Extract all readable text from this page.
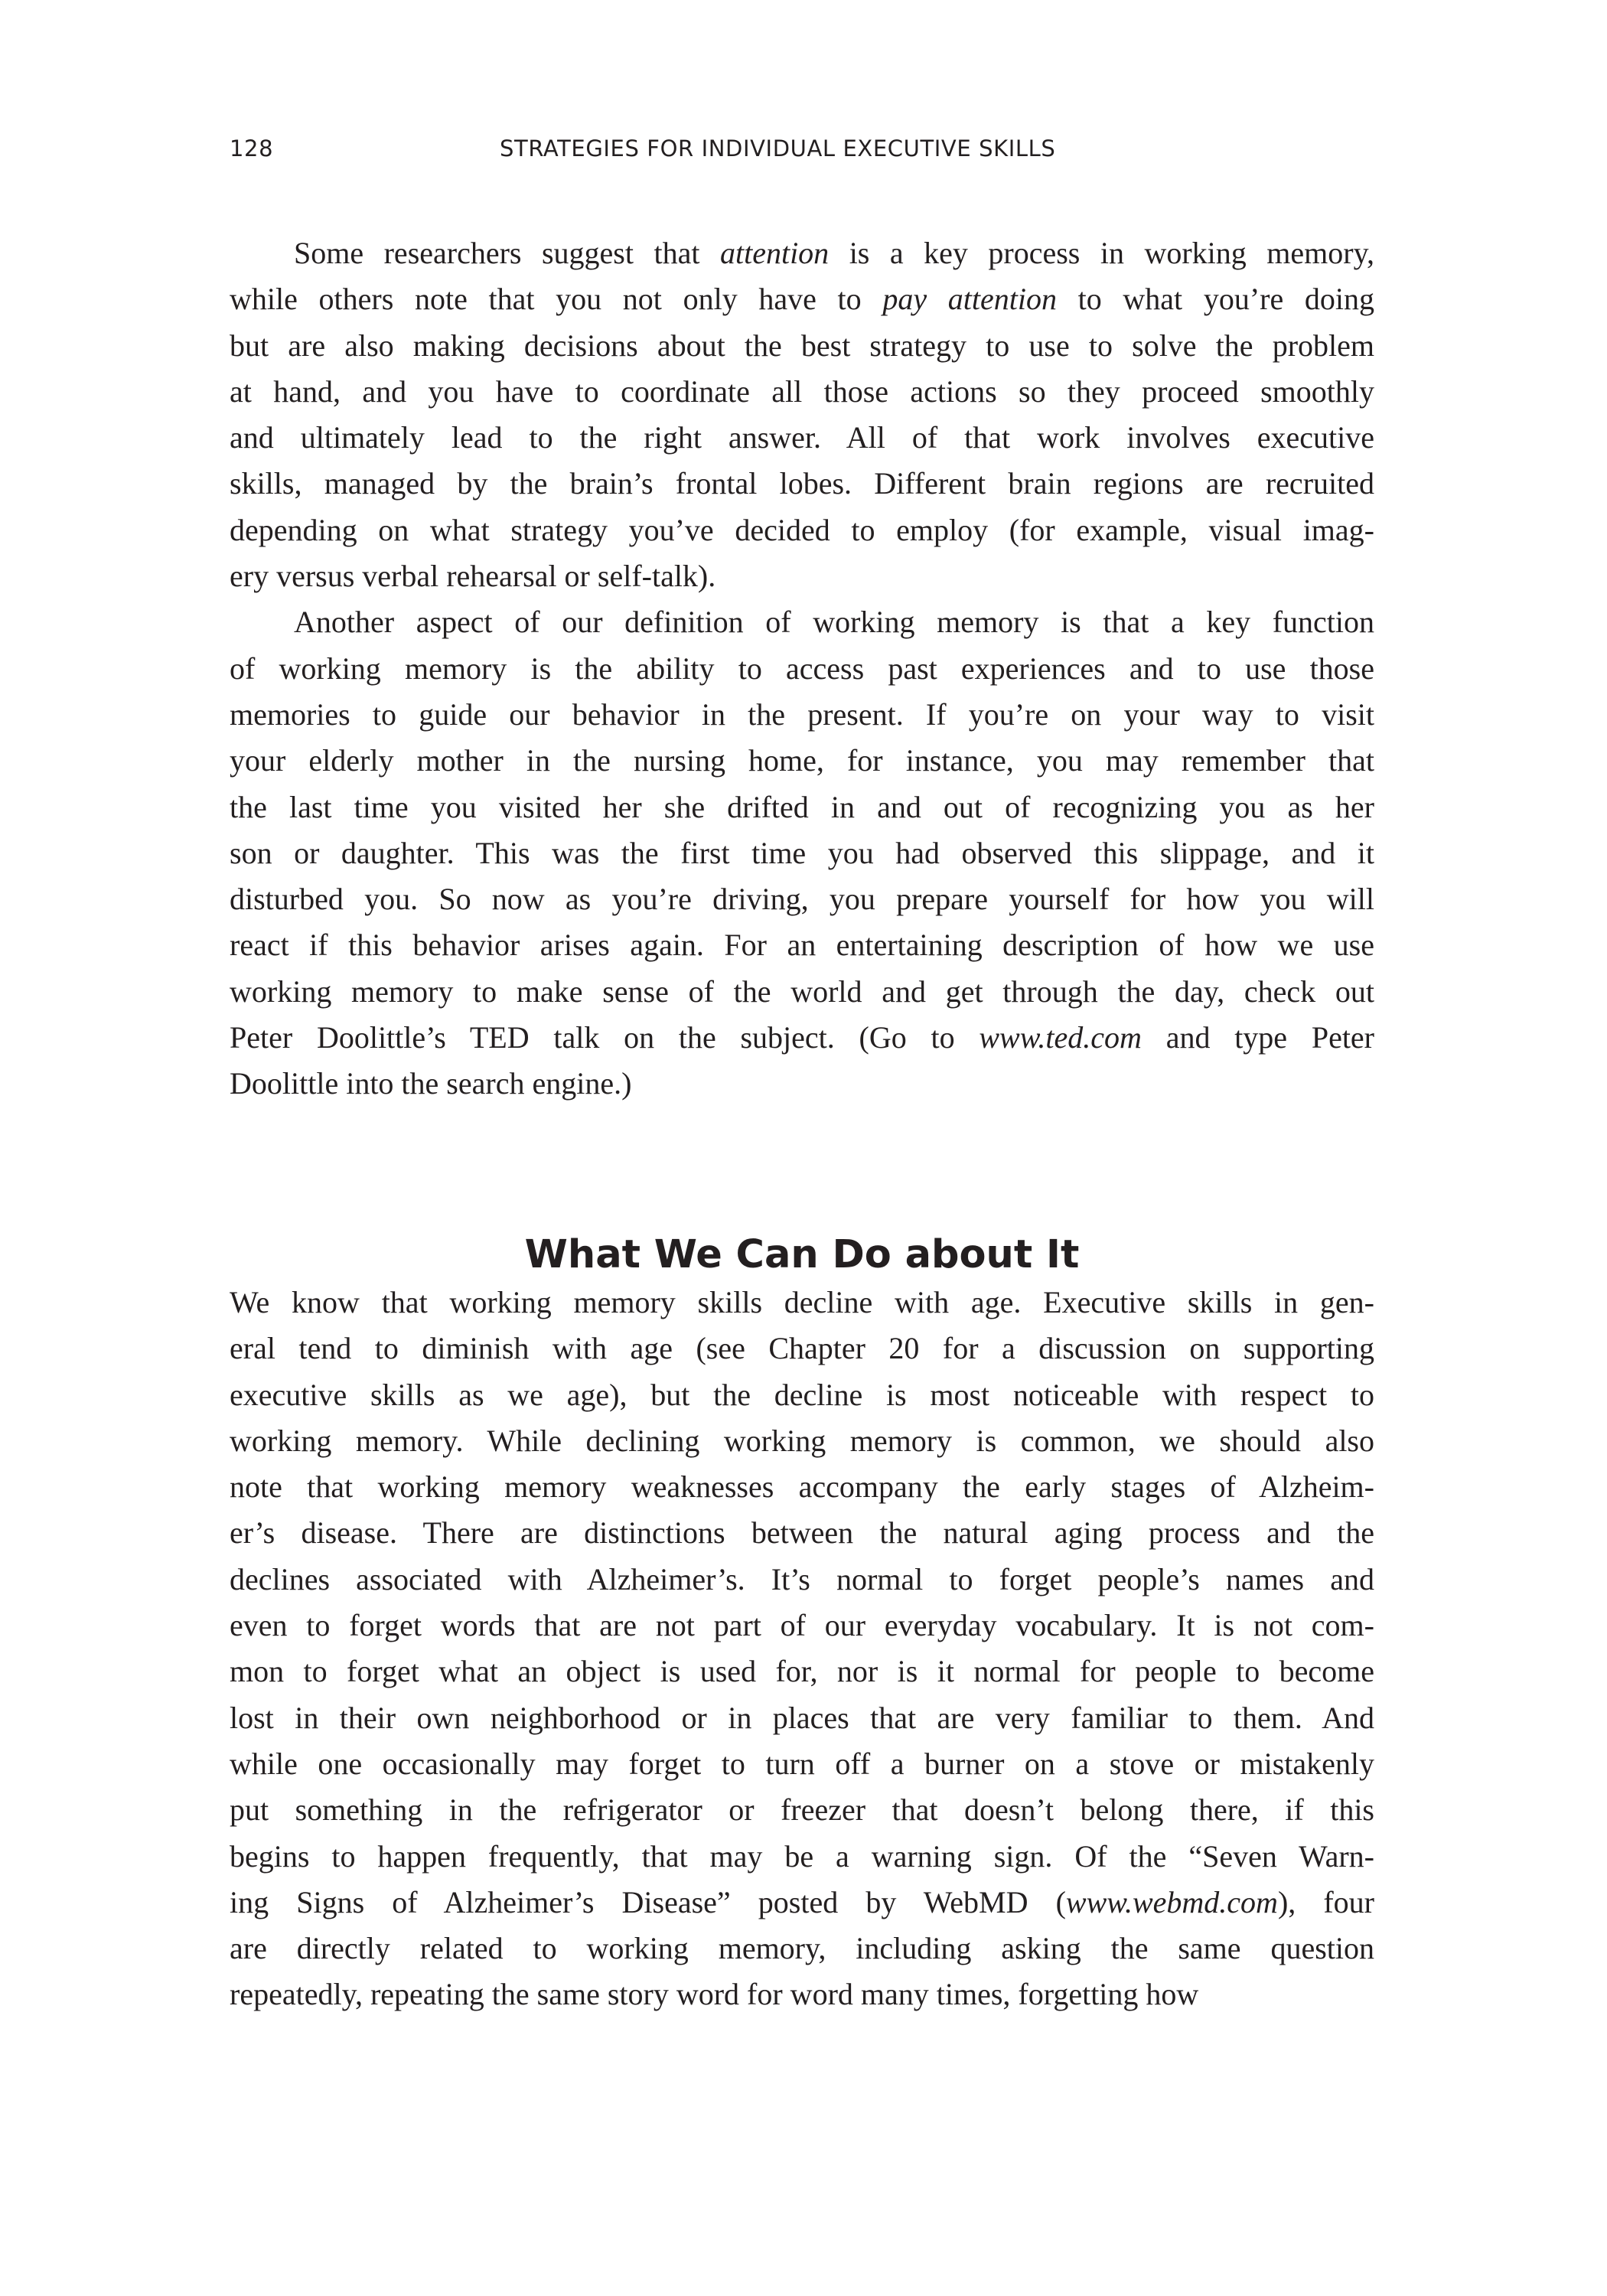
128	STRATEGIES FOR INDIVIDUAL EXECUTIVE SKILLS
Some researchers suggest that attention is a key process in working memory,
while others note that you not only have to pay attention to what you’re doing
but are also making decisions about the best strategy to use to solve the problem
at hand, and you have to coordinate all those actions so they proceed smoothly
and ultimately lead to the right answer. All of that work involves executive
skills, managed by the brain’s frontal lobes. Different brain regions are recruited
depending on what strategy you’ve decided to employ (for example, visual imag-
ery versus verbal rehearsal or self-talk).
Another aspect of our definition of working memory is that a key function
of working memory is the ability to access past experiences and to use those
memories to guide our behavior in the present. If you’re on your way to visit
your elderly mother in the nursing home, for instance, you may remember that
the last time you visited her she drifted in and out of recognizing you as her
son or daughter. This was the first time you had observed this slippage, and it
disturbed you. So now as you’re driving, you prepare yourself for how you will
react if this behavior arises again. For an entertaining description of how we use
working memory to make sense of the world and get through the day, check out
Peter Doolittle’s TED talk on the subject. (Go to www.ted.com and type Peter
Doolittle into the search engine.)
What We Can Do about It
We know that working memory skills decline with age. Executive skills in gen-
eral tend to diminish with age (see Chapter 20 for a discussion on supporting
executive skills as we age), but the decline is most noticeable with respect to
working memory. While declining working memory is common, we should also
note that working memory weaknesses accompany the early stages of Alzheim-
er’s disease. There are distinctions between the natural aging process and the
declines associated with Alzheimer’s. It’s normal to forget people’s names and
even to forget words that are not part of our everyday vocabulary. It is not com-
mon to forget what an object is used for, nor is it normal for people to become
lost in their own neighborhood or in places that are very familiar to them. And
while one occasionally may forget to turn off a burner on a stove or mistakenly
put something in the refrigerator or freezer that doesn’t belong there, if this
begins to happen frequently, that may be a warning sign. Of the “Seven Warn-
ing Signs of Alzheimer’s Disease” posted by WebMD (www.webmd.com), four
are directly related to working memory, including asking the same question
repeatedly, repeating the same story word for word many times, forgetting how
